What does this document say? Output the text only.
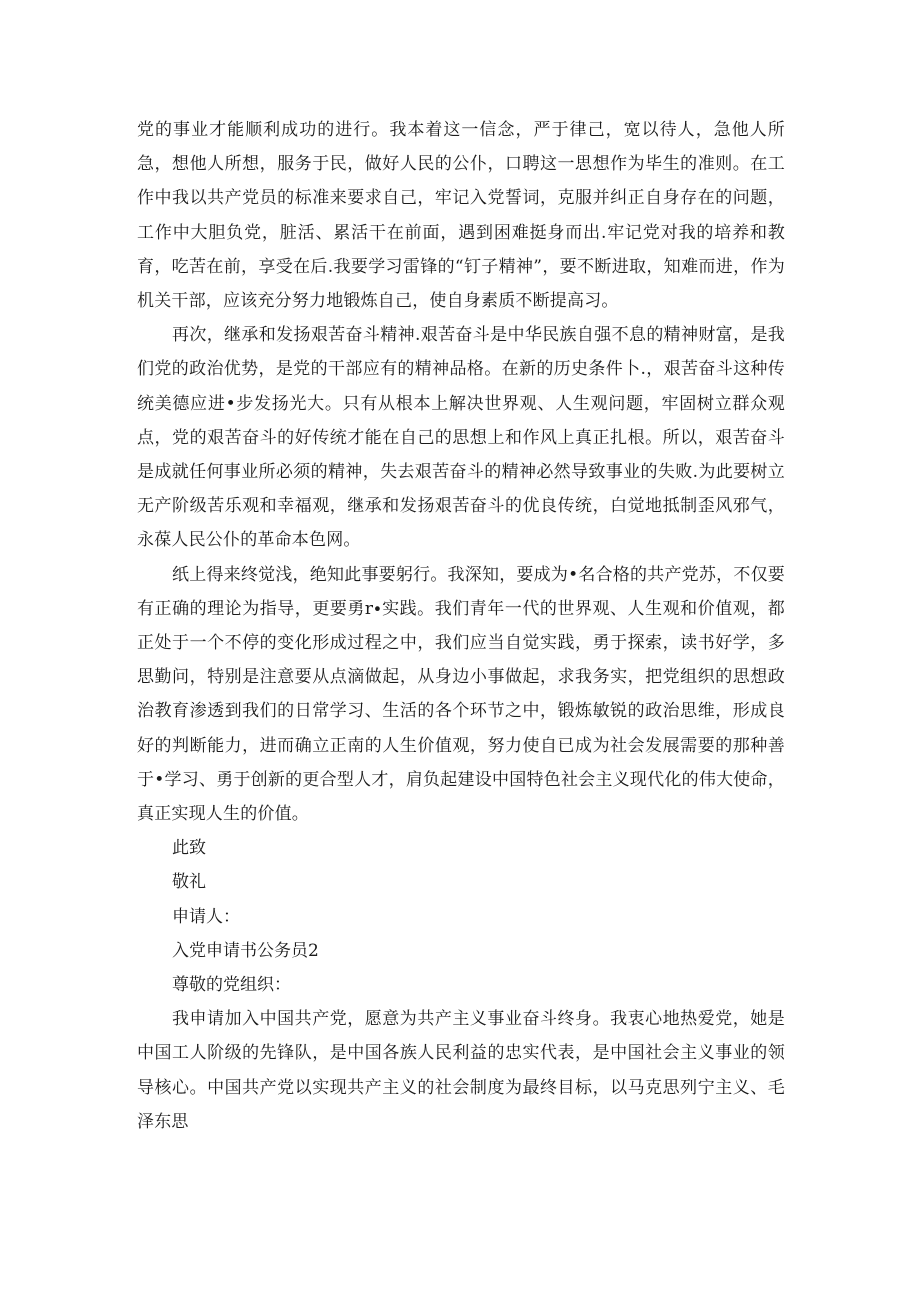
党的事业才能顺利成功的进行。我本着这一信念，严于律己，宽以待人，急他人所急，想他人所想，服务于民，做好人民的公仆，口聘这一思想作为毕生的准则。在工作中我以共产党员的标准来要求自己，牢记入党誓词，克服并纠正自身存在的问题，工作中大胆负党，脏活、累活干在前面，遇到困难挺身而出.牢记党对我的培养和教育，吃苦在前，享受在后.我要学习雷锋的“钉子精神”，要不断进取，知难而进，作为机关干部，应该充分努力地锻炼自己，使自身素质不断提高习。

再次，继承和发扬艰苦奋斗精神.艰苦奋斗是中华民族自强不息的精神财富，是我们党的政治优势，是党的干部应有的精神品格。在新的历史条件卜.，艰苦奋斗这种传统美德应进•步发扬光大。只有从根本上解决世界观、人生观问题，牢固树立群众观点，党的艰苦奋斗的好传统才能在自己的思想上和作风上真正扎根。所以，艰苦奋斗是成就任何事业所必须的精神，失去艰苦奋斗的精神必然导致事业的失败.为此要树立无产阶级苦乐观和幸福观，继承和发扬艰苦奋斗的优良传统，白觉地抵制歪风邪气，永葆人民公仆的革命本色网。

纸上得来终觉浅，绝知此事要躬行。我深知，要成为•名合格的共产党苏，不仅要有正确的理论为指导，更要勇r∙实践。我们青年一代的世界观、人生观和价值观，都正处于一个不停的变化形成过程之中，我们应当自觉实践，勇于探索，读书好学，多思勤问，特别是注意要从点滴做起，从身边小事做起，求我务实，把党组织的思想政治教育渗透到我们的日常学习、生活的各个环节之中，锻炼敏锐的政治思维，形成良好的判断能力，进而确立正南的人生价值观，努力使自已成为社会发展需要的那种善于•学习、勇于创新的更合型人才，肩负起建设中国特色社会主义现代化的伟大使命，真正实现人生的价值。

此致

敬礼

申请人：

入党申请书公务员2

尊敬的党组织：

我申请加入中国共产党，愿意为共产主义事业奋斗终身。我衷心地热爱党，她是中国工人阶级的先锋队，是中国各族人民利益的忠实代表，是中国社会主义事业的领导核心。中国共产党以实现共产主义的社会制度为最终目标，以马克思列宁主义、毛泽东思
